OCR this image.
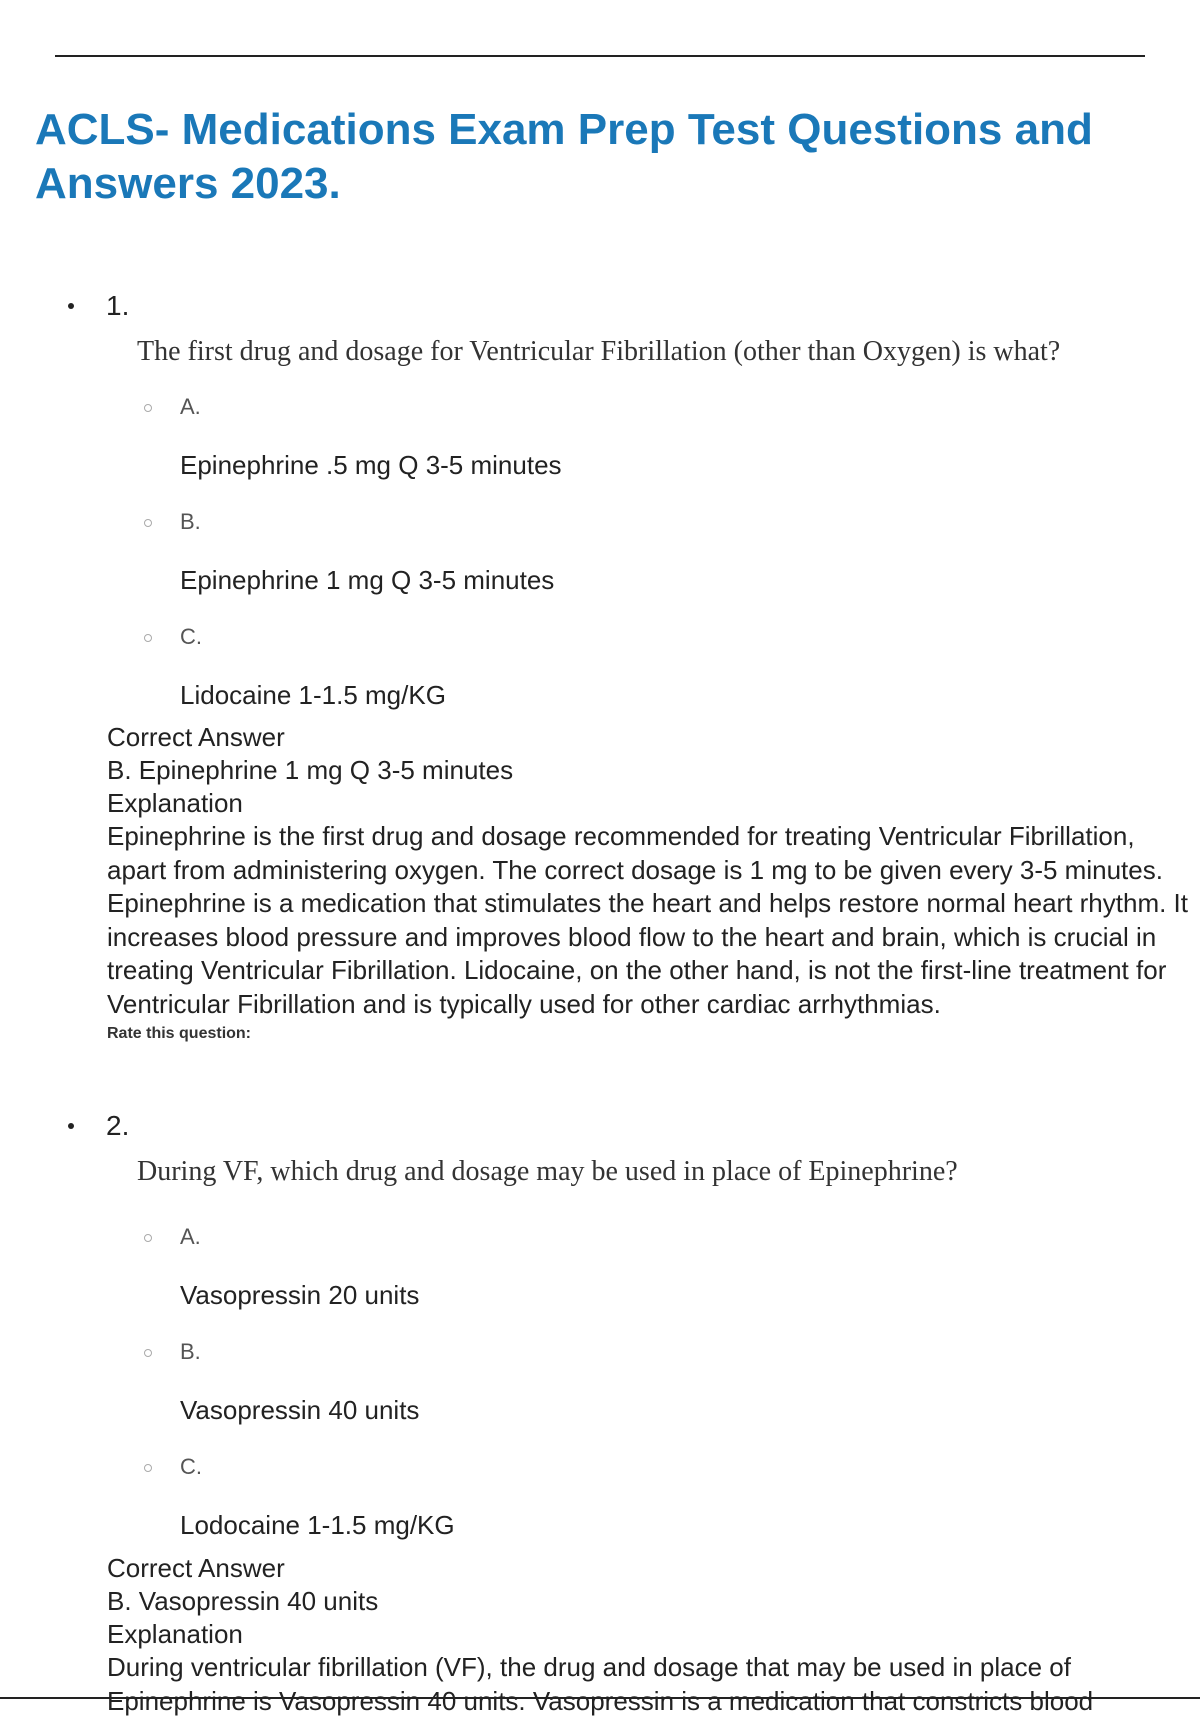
ACLS- Medications Exam Prep Test Questions and Answers 2023.
1.
The first drug and dosage for Ventricular Fibrillation (other than Oxygen) is what?
A.
Epinephrine .5 mg Q 3-5 minutes
B.
Epinephrine 1 mg Q 3-5 minutes
C.
Lidocaine 1-1.5 mg/KG
Correct Answer
B. Epinephrine 1 mg Q 3-5 minutes
Explanation
Epinephrine is the first drug and dosage recommended for treating Ventricular Fibrillation, apart from administering oxygen. The correct dosage is 1 mg to be given every 3-5 minutes. Epinephrine is a medication that stimulates the heart and helps restore normal heart rhythm. It increases blood pressure and improves blood flow to the heart and brain, which is crucial in treating Ventricular Fibrillation. Lidocaine, on the other hand, is not the first-line treatment for Ventricular Fibrillation and is typically used for other cardiac arrhythmias.
Rate this question:
2.
During VF, which drug and dosage may be used in place of Epinephrine?
A.
Vasopressin 20 units
B.
Vasopressin 40 units
C.
Lodocaine 1-1.5 mg/KG
Correct Answer
B. Vasopressin 40 units
Explanation
During ventricular fibrillation (VF), the drug and dosage that may be used in place of Epinephrine is Vasopressin 40 units. Vasopressin is a medication that constricts blood
